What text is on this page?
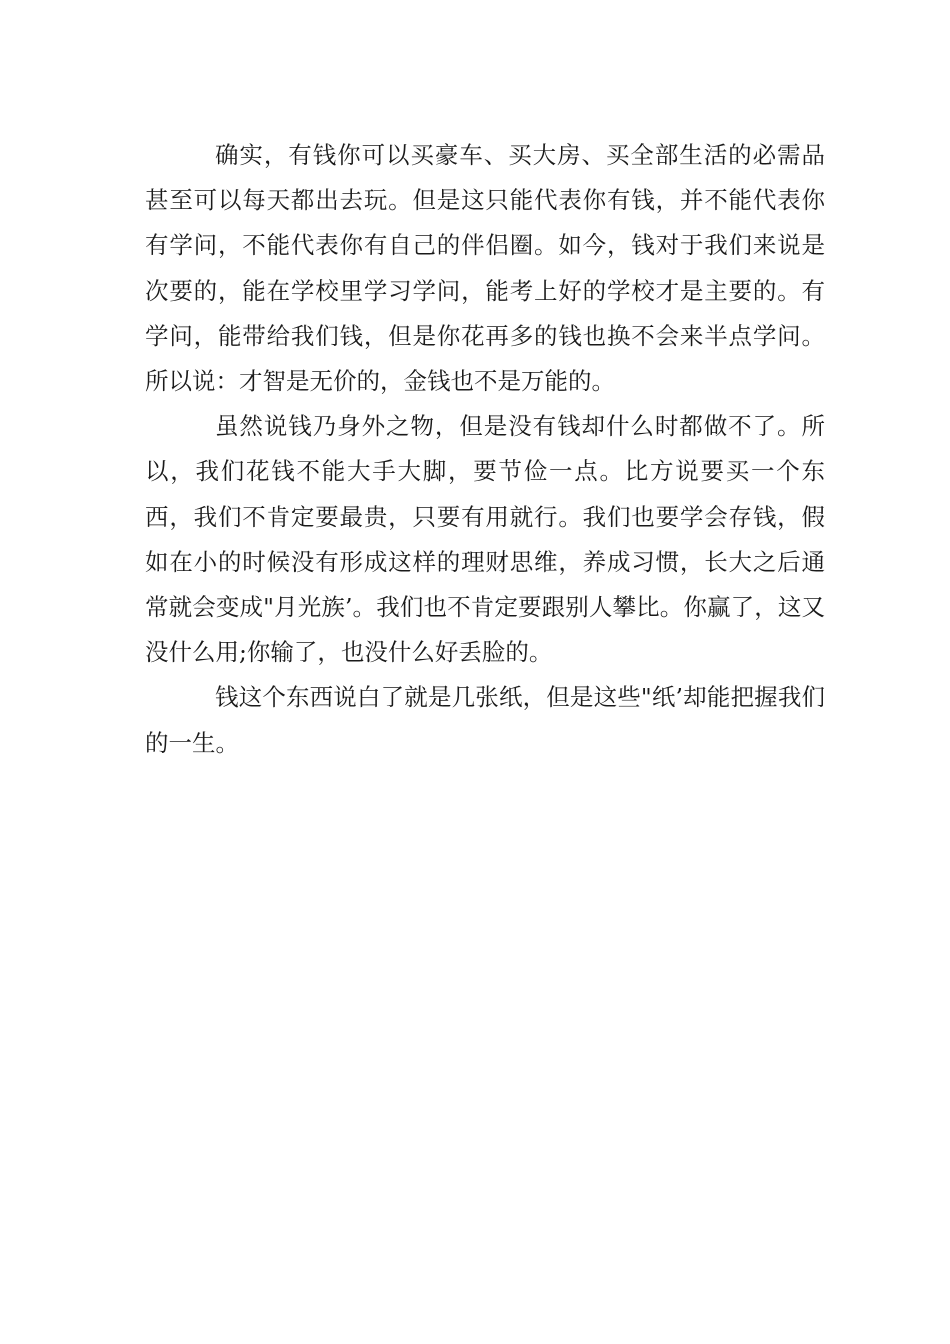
确实，有钱你可以买豪车、买大房、买全部生活的必需品甚至可以每天都出去玩。但是这只能代表你有钱，并不能代表你有学问，不能代表你有自己的伴侣圈。如今，钱对于我们来说是次要的，能在学校里学习学问，能考上好的学校才是主要的。有学问，能带给我们钱，但是你花再多的钱也换不会来半点学问。所以说：才智是无价的，金钱也不是万能的。

虽然说钱乃身外之物，但是没有钱却什么时都做不了。所以，我们花钱不能大手大脚，要节俭一点。比方说要买一个东西，我们不肯定要最贵，只要有用就行。我们也要学会存钱，假如在小的时候没有形成这样的理财思维，养成习惯，长大之后通常就会变成"月光族’。我们也不肯定要跟别人攀比。你赢了，这又没什么用;你输了，也没什么好丢脸的。

钱这个东西说白了就是几张纸，但是这些"纸’却能把握我们的一生。
